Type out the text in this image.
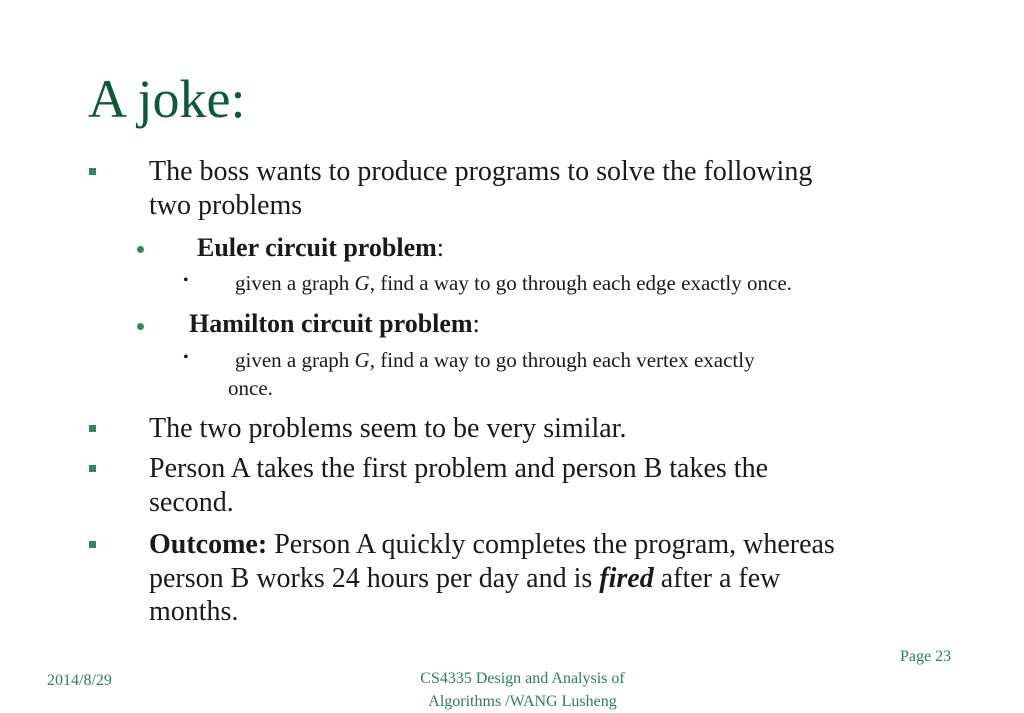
A joke:
The boss wants to produce programs to solve the following
two problems
Euler circuit problem:
• given a graph G, find a way to go through each edge exactly once.
Hamilton circuit problem:
• given a graph G, find a way to go through each vertex exactly
once.
The two problems seem to be very similar.
Person A takes the first problem and person B takes the
second.
Outcome: Person A quickly completes the program, whereas
person B works 24 hours per day and is fired after a few
months.
Page 23
2014/8/29	CS4335 Design and Analysis of
Algorithms /WANG Lusheng
